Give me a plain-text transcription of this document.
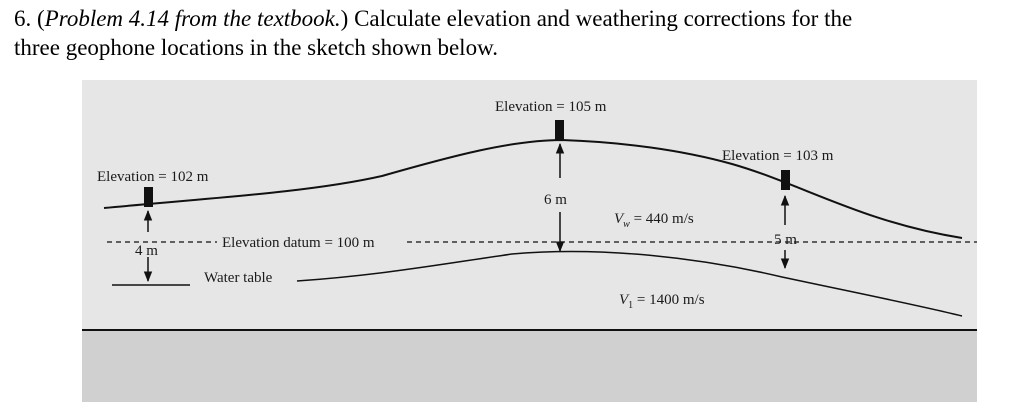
6. (Problem 4.14 from the textbook.) Calculate elevation and weathering corrections for the
three geophone locations in the sketch shown below.
Elevation = 102 m
Elevation = 105 m
Elevation = 103 m
Elevation datum = 100 m
Water table
4 m
6 m
5 m
$V_w = 440$ m/s
$V_1 = 1400$ m/s
